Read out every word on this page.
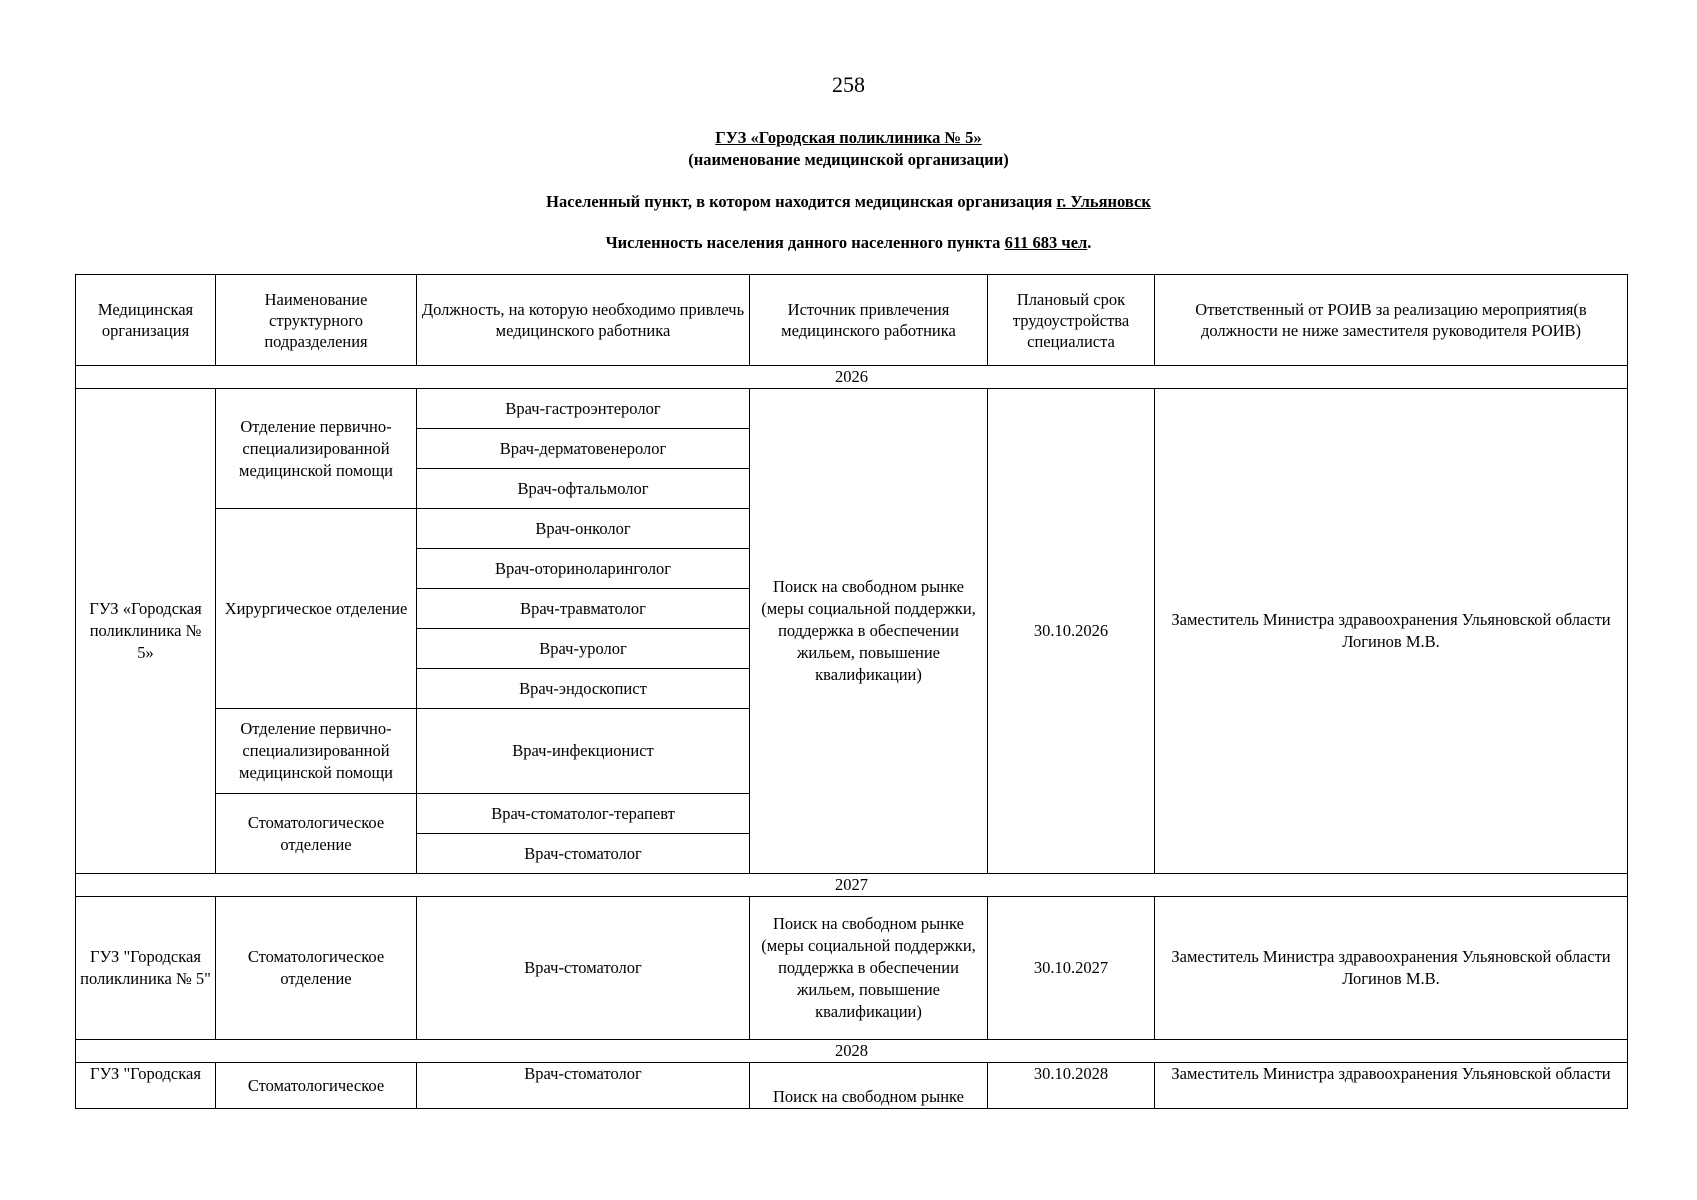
258
ГУЗ «Городская поликлиника № 5»
(наименование медицинской организации)
Населенный пункт, в котором находится медицинская организация г. Ульяновск
Численность населения данного населенного пункта 611 683 чел.
Медицинская организация	Наименование структурного подразделения	Должность, на которую необходимо привлечь медицинского работника	Источник привлечения медицинского работника	Плановый срок трудоустройства специалиста	Ответственный от РОИВ за реализацию мероприятия(в должности не ниже заместителя руководителя РОИВ)
2026					
ГУЗ «Городская поликлиника № 5»	Отделение первично-специализированной медицинской помощи	Врач-гастроэнтеролог	Поиск на свободном рынке (меры социальной поддержки, поддержка в обеспечении жильем, повышение квалификации)	30.10.2026	Заместитель Министра здравоохранения Ульяновской области Логинов М.В.
		Врач-дерматовенеролог			
		Врач-офтальмолог			
	Хирургическое отделение	Врач-онколог			
		Врач-оториноларинголог			
		Врач-травматолог			
		Врач-уролог			
		Врач-эндоскопист			
	Отделение первично-специализированной медицинской помощи	Врач-инфекционист			
	Стоматологическое отделение	Врач-стоматолог-терапевт			
		Врач-стоматолог			
2027					
ГУЗ "Городская поликлиника № 5"	Стоматологическое отделение	Врач-стоматолог	Поиск на свободном рынке (меры социальной поддержки, поддержка в обеспечении жильем, повышение квалификации)	30.10.2027	Заместитель Министра здравоохранения Ульяновской области Логинов М.В.
2028					
ГУЗ "Городская	Стоматологическое	Врач-стоматолог	Поиск на свободном рынке	30.10.2028	Заместитель Министра здравоохранения Ульяновской области
